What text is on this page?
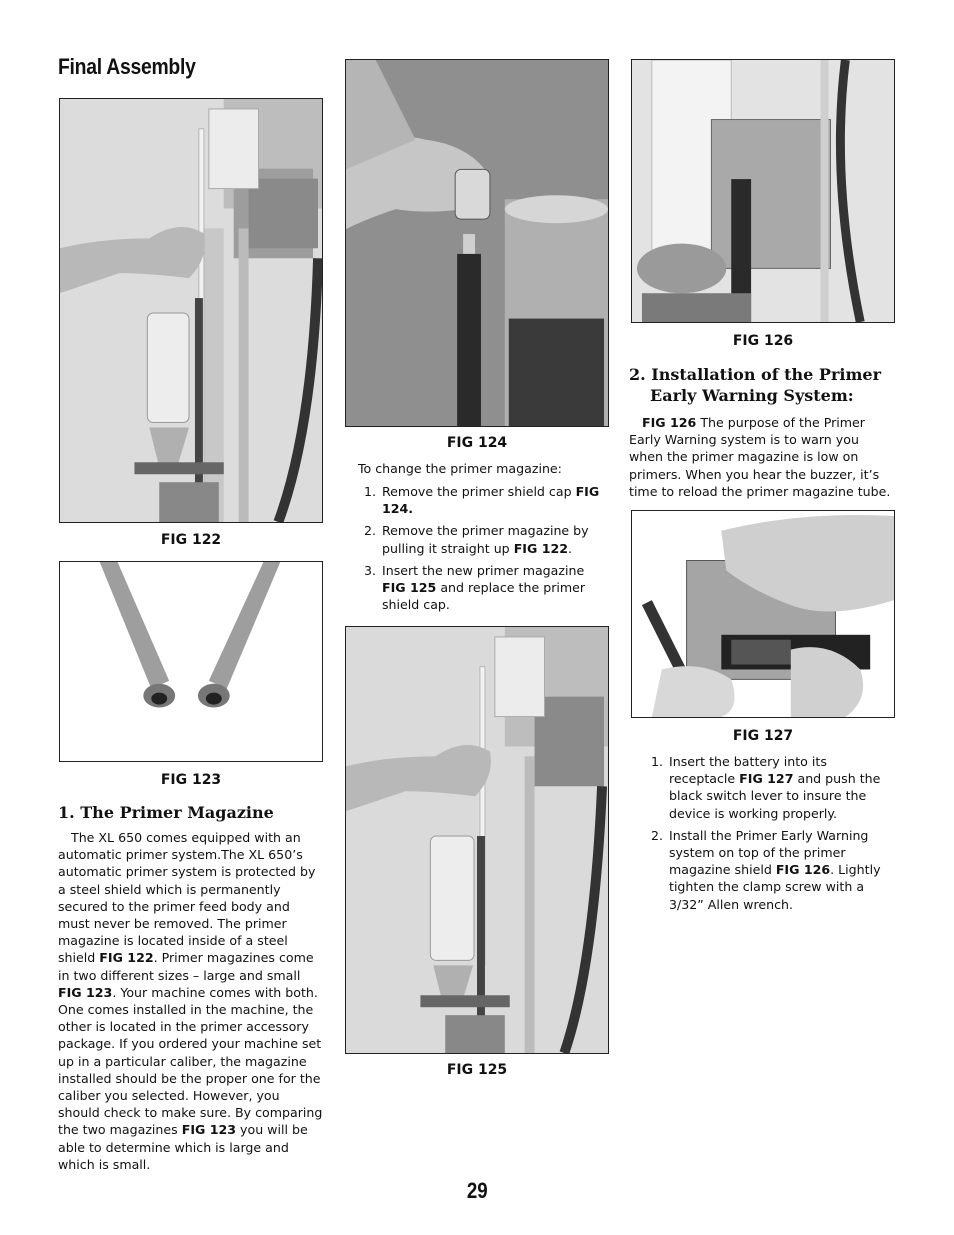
Final Assembly
FIG 122
FIG 123
1. The Primer Magazine
The XL 650 comes equipped with an automatic primer system.The XL 650’s automatic primer system is protected by a steel shield which is permanently secured to the primer feed body and must never be removed. The primer magazine is located inside of a steel shield FIG 122. Primer magazines come in two different sizes – large and small FIG 123. Your machine comes with both. One comes installed in the machine, the other is located in the primer accessory package. If you ordered your machine set up in a particular caliber, the magazine installed should be the proper one for the caliber you selected. However, you should check to make sure. By comparing the two magazines FIG 123 you will be able to determine which is large and which is small.
FIG 124
To change the primer magazine:
1. Remove the primer shield cap FIG 124.
2. Remove the primer magazine by pulling it straight up FIG 122.
3. Insert the new primer magazine FIG 125 and replace the primer shield cap.
FIG 125
FIG 126
2. Installation of the Primer
Early Warning System:
FIG 126 The purpose of the Primer Early Warning system is to warn you when the primer magazine is low on primers. When you hear the buzzer, it’s time to reload the primer magazine tube.
FIG 127
1. Insert the battery into its receptacle FIG 127 and push the black switch lever to insure the device is working properly.
2. Install the Primer Early Warning system on top of the primer magazine shield FIG 126. Lightly tighten the clamp screw with a 3/32” Allen wrench.
29
